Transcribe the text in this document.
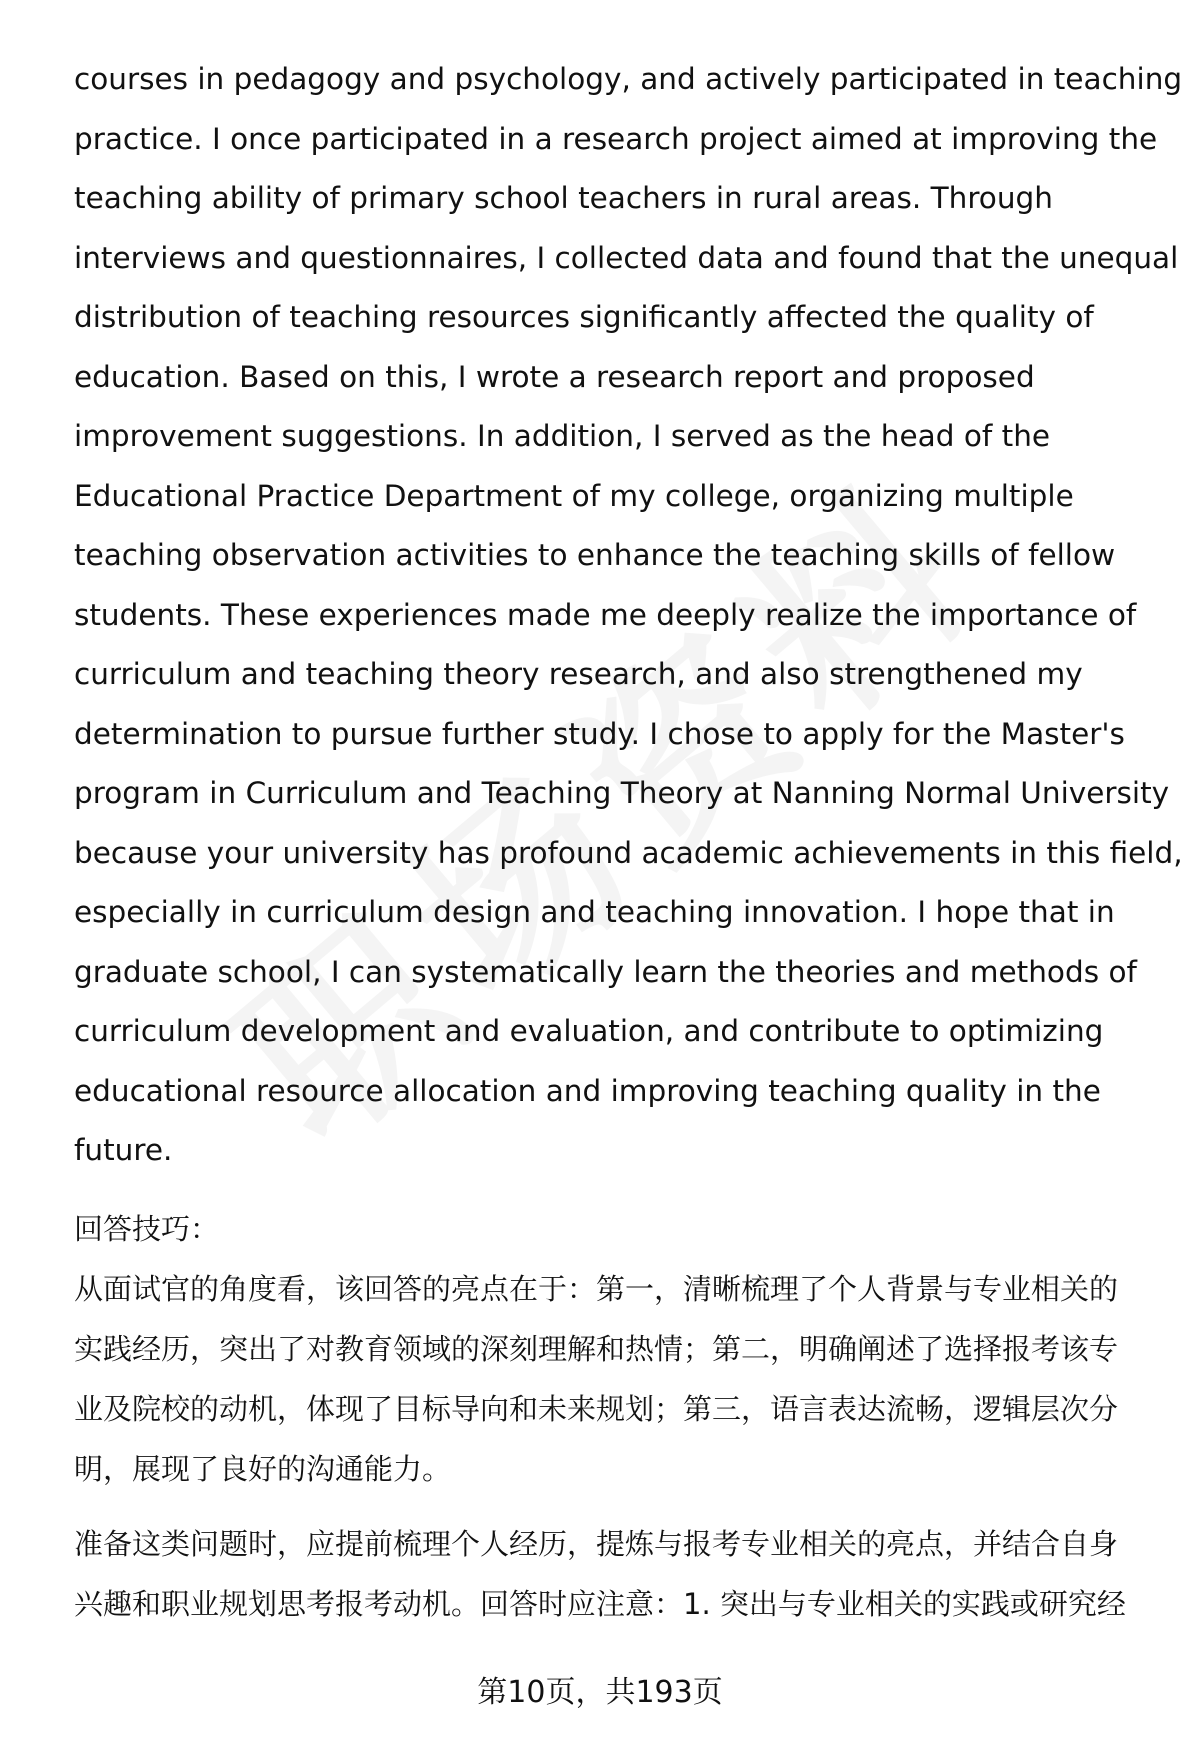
courses in pedagogy and psychology, and actively participated in teaching
practice. I once participated in a research project aimed at improving the
teaching ability of primary school teachers in rural areas. Through
interviews and questionnaires, I collected data and found that the unequal
distribution of teaching resources significantly affected the quality of
education. Based on this, I wrote a research report and proposed
improvement suggestions. In addition, I served as the head of the
Educational Practice Department of my college, organizing multiple
teaching observation activities to enhance the teaching skills of fellow
students. These experiences made me deeply realize the importance of
curriculum and teaching theory research, and also strengthened my
determination to pursue further study. I chose to apply for the Master's
program in Curriculum and Teaching Theory at Nanning Normal University
because your university has profound academic achievements in this field,
especially in curriculum design and teaching innovation. I hope that in
graduate school, I can systematically learn the theories and methods of
curriculum development and evaluation, and contribute to optimizing
educational resource allocation and improving teaching quality in the
future.
回答技巧：
从面试官的角度看，该回答的亮点在于：第一，清晰梳理了个人背景与专业相关的
实践经历，突出了对教育领域的深刻理解和热情；第二，明确阐述了选择报考该专
业及院校的动机，体现了目标导向和未来规划；第三，语言表达流畅，逻辑层次分
明，展现了良好的沟通能力。
准备这类问题时，应提前梳理个人经历，提炼与报考专业相关的亮点，并结合自身
兴趣和职业规划思考报考动机。回答时应注意：1. 突出与专业相关的实践或研究经
第10页，共193页
